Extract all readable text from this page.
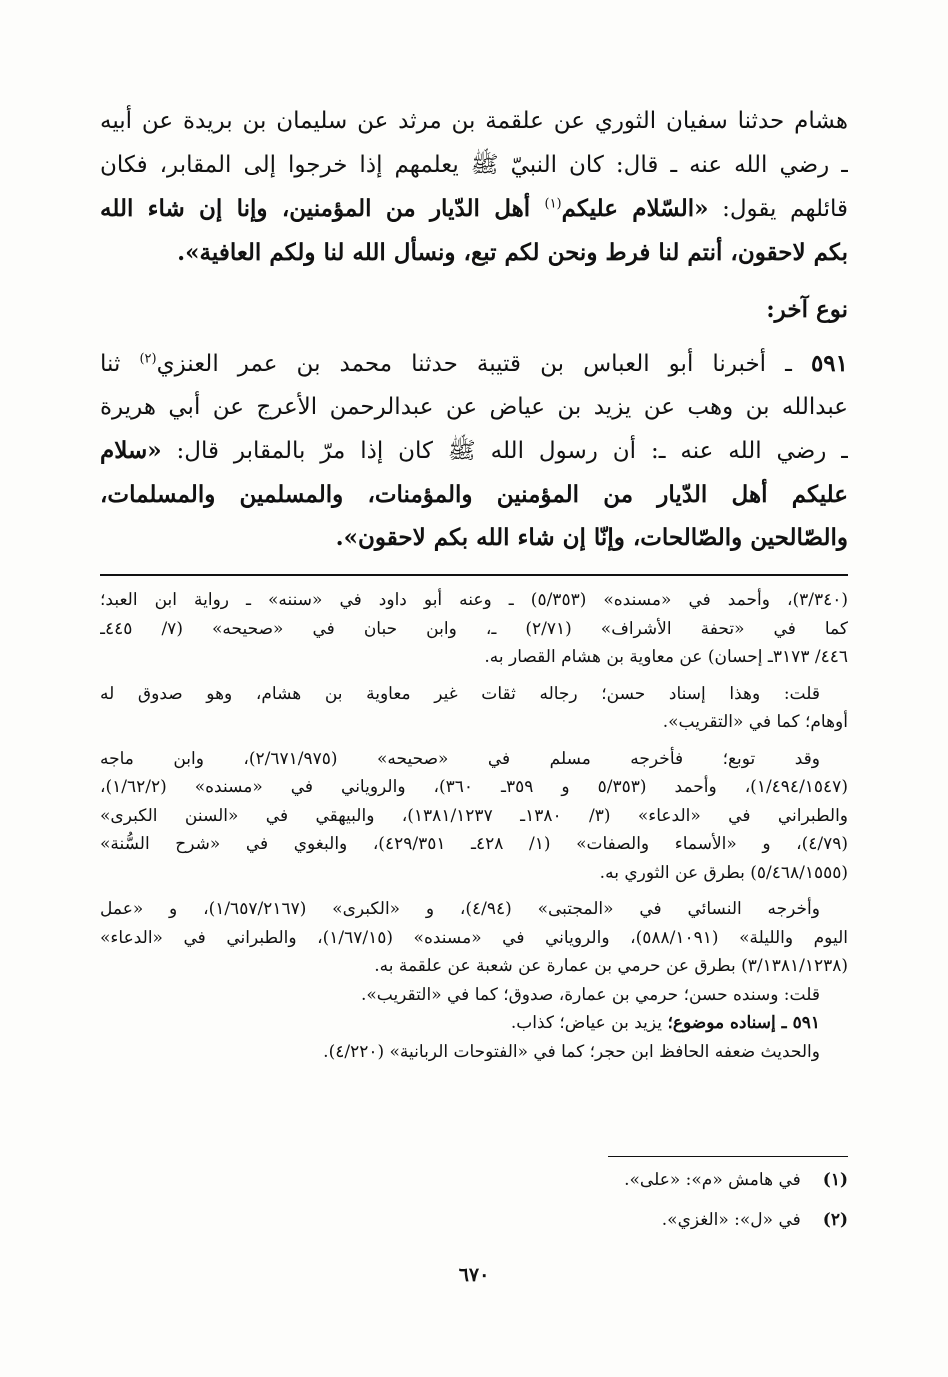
هشام حدثنا سفيان الثوري عن علقمة بن مرثد عن سليمان بن بريدة عن أبيه
ـ رضي الله عنه ـ قال: كان النبيّ ﷺ يعلمهم إذا خرجوا إلى المقابر، فكان
قائلهم يقول: «السّلام عليكم$^{(١)}$ أهل الدّيار من المؤمنين، وإنا إن شاء الله
بكم لاحقون، أنتم لنا فرط ونحن لكم تبع، ونسأل الله لنا ولكم العافية».
نوع آخر:
٥٩١ ـ أخبرنا أبو العباس بن قتيبة حدثنا محمد بن عمر العنزي$^{(٢)}$ ثنا
عبدالله بن وهب عن يزيد بن عياض عن عبدالرحمن الأعرج عن أبي هريرة
ـ رضي الله عنه ـ: أن رسول الله ﷺ كان إذا مرّ بالمقابر قال: «سلام
عليكم أهل الدّيار من المؤمنين والمؤمنات، والمسلمين والمسلمات،
والصّالحين والصّالحات، وإنّا إن شاء الله بكم لاحقون».
(٣/٣٤٠)، وأحمد في «مسنده» (٥/٣٥٣) ـ وعنه أبو داود في «سننه» ـ رواية ابن العبد؛
كما في «تحفة الأشراف» (٢/٧١) ـ، وابن حبان في «صحيحه» (٧/ ٤٤٥ـ
٤٤٦/ ٣١٧٣ـ إحسان) عن معاوية بن هشام القصار به.
قلت: وهذا إسناد حسن؛ رجاله ثقات غير معاوية بن هشام، وهو صدوق له
أوهام؛ كما في «التقريب».
وقد توبع؛ فأخرجه مسلم في «صحيحه» (٢/٦٧١/٩٧٥)، وابن ماجه
(١/٤٩٤/١٥٤٧)، وأحمد (٥/٣٥٣ و ٣٥٩ـ ٣٦٠)، والروياني في «مسنده» (١/٦٢/٢)،
والطبراني في «الدعاء» (٣/ ١٣٨٠ـ ١٣٨١/١٢٣٧)، والبيهقي في «السنن الكبرى»
(٤/٧٩)، و «الأسماء والصفات» (١/ ٤٢٨ـ ٤٢٩/٣٥١)، والبغوي في «شرح السُّنة»
(٥/٤٦٨/١٥٥٥) بطرق عن الثوري به.
وأخرجه النسائي في «المجتبى» (٤/٩٤)، و «الكبرى» (١/٦٥٧/٢١٦٧)، و «عمل
اليوم والليلة» (٥٨٨/١٠٩١)، والروياني في «مسنده» (١/٦٧/١٥)، والطبراني في «الدعاء»
(٣/١٣٨١/١٢٣٨) بطرق عن حرمي بن عمارة عن شعبة عن علقمة به.
قلت: وسنده حسن؛ حرمي بن عمارة، صدوق؛ كما في «التقريب».
٥٩١ ـ إسناده موضوع؛ يزيد بن عياض؛ كذاب.
والحديث ضعفه الحافظ ابن حجر؛ كما في «الفتوحات الربانية» (٤/٢٢٠).
(١)في هامش «م»: «على».
(٢)في «ل»: «الغزي».
٦٧٠
